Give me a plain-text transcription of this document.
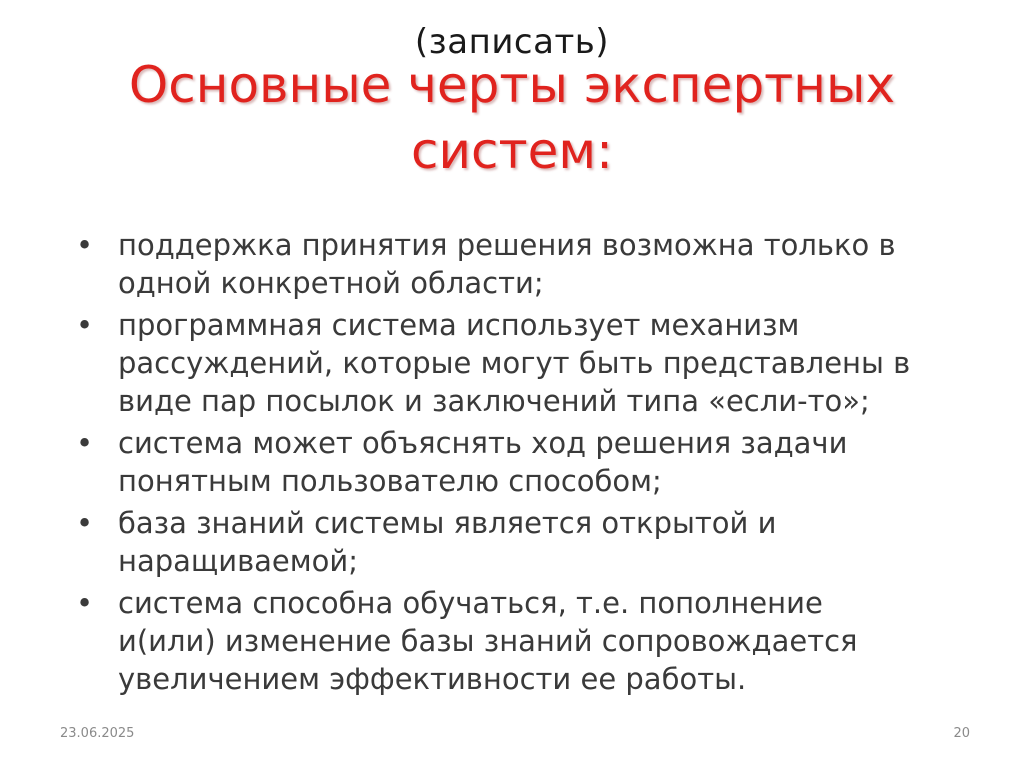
(записать)
Основные черты экспертных
систем:
• поддержка принятия решения возможна только в
одной конкретной области;
• программная система использует механизм
рассуждений, которые могут быть представлены в
виде пар посылок и заключений типа «если-то»;
• система может объяснять ход решения задачи
понятным пользователю способом;
• база знаний системы является открытой и
наращиваемой;
• система способна обучаться, т.е. пополнение
и(или) изменение базы знаний сопровождается
увеличением эффективности ее работы.
23.06.2025	20
